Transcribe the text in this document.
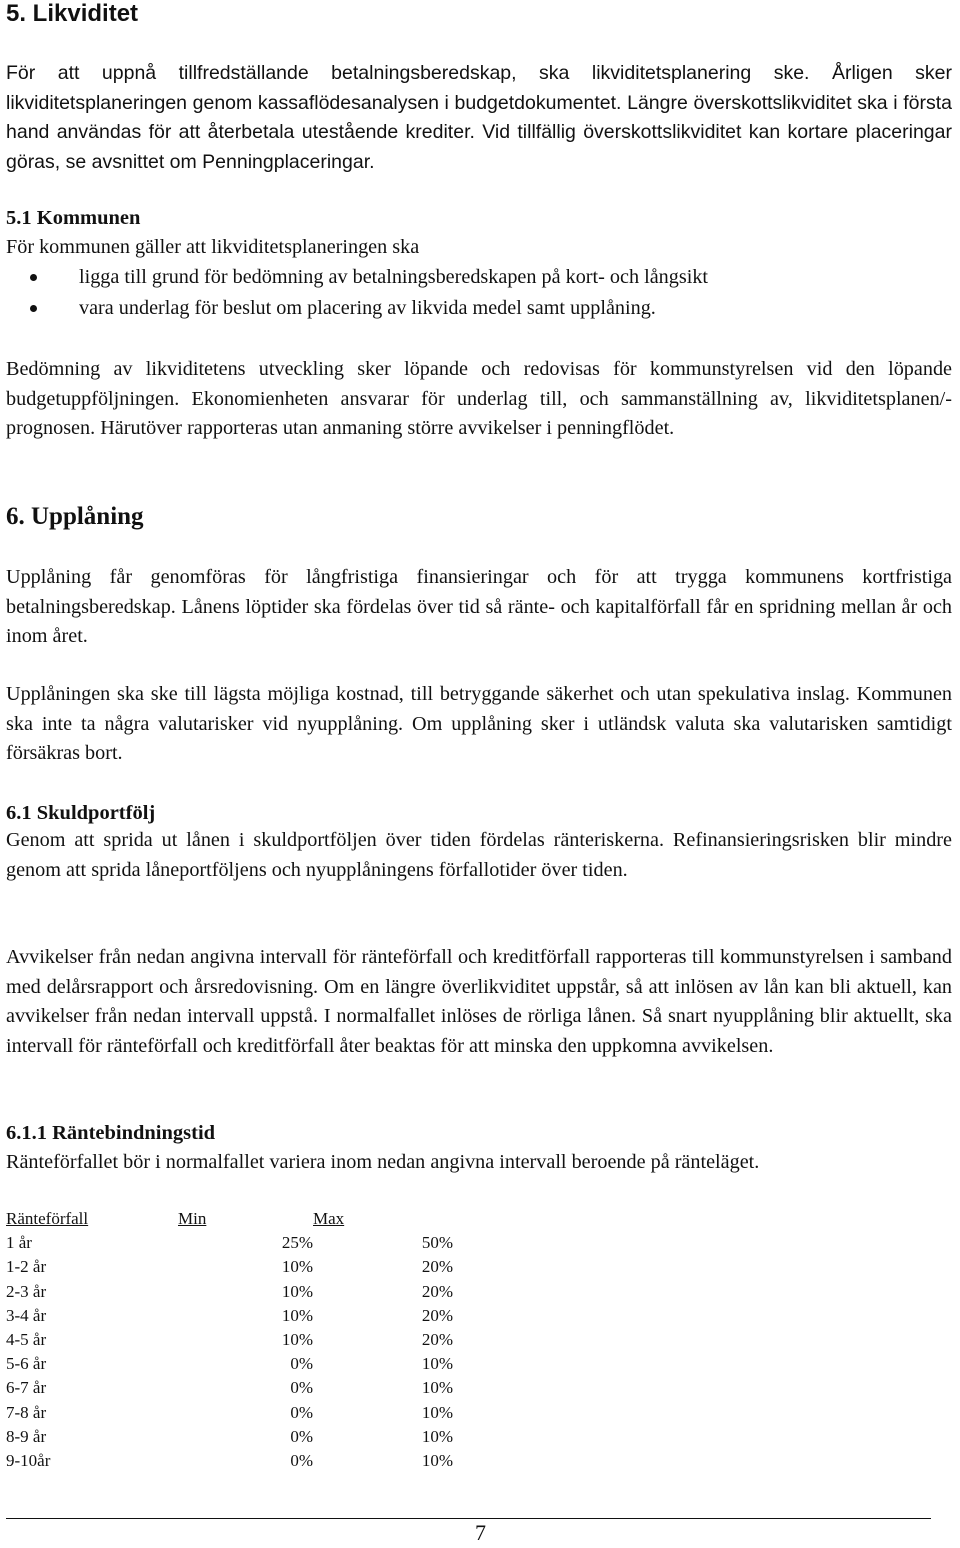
5. Likviditet

För att uppnå tillfredställande betalningsberedskap, ska likviditetsplanering ske. Årligen sker likviditetsplaneringen genom kassaflödesanalysen i budgetdokumentet. Längre överskottslikviditet ska i första hand användas för att återbetala utestående krediter. Vid tillfällig överskottslikviditet kan kortare placeringar göras, se avsnittet om Penningplaceringar.

5.1 Kommunen

För kommunen gäller att likviditetsplaneringen ska

ligga till grund för bedömning av betalningsberedskapen på kort- och långsikt
vara underlag för beslut om placering av likvida medel samt upplåning.

Bedömning av likviditetens utveckling sker löpande och redovisas för kommunstyrelsen vid den löpande budgetuppföljningen. Ekonomienheten ansvarar för underlag till, och sammanställning av, likviditetsplanen/-prognosen. Härutöver rapporteras utan anmaning större avvikelser i penningflödet.

6. Upplåning

Upplåning får genomföras för långfristiga finansieringar och för att trygga kommunens kortfristiga betalningsberedskap. Lånens löptider ska fördelas över tid så ränte- och kapitalförfall får en spridning mellan år och inom året.

Upplåningen ska ske till lägsta möjliga kostnad, till betryggande säkerhet och utan spekulativa inslag. Kommunen ska inte ta några valutarisker vid nyupplåning. Om upplåning sker i utländsk valuta ska valutarisken samtidigt försäkras bort.

6.1 Skuldportfölj

Genom att sprida ut lånen i skuldportföljen över tiden fördelas ränteriskerna. Refinansieringsrisken blir mindre genom att sprida låneportföljens och nyupplåningens förfallotider över tiden.

Avvikelser från nedan angivna intervall för ränteförfall och kreditförfall rapporteras till kommunstyrelsen i samband med delårsrapport och årsredovisning. Om en längre överlikviditet uppstår, så att inlösen av lån kan bli aktuell, kan avvikelser från nedan intervall uppstå. I normalfallet inlöses de rörliga lånen. Så snart nyupplåning blir aktuellt, ska intervall för ränteförfall och kreditförfall åter beaktas för att minska den uppkomna avvikelsen.

6.1.1 Räntebindningstid

Ränteförfallet bör i normalfallet variera inom nedan angivna intervall beroende på ränteläget.

Ränteförfall	Min	Max
1 år	25%	50%
1-2 år	10%	20%
2-3 år	10%	20%
3-4 år	10%	20%
4-5 år	10%	20%
5-6 år	0%	10%
6-7 år	0%	10%
7-8 år	0%	10%
8-9 år	0%	10%
9-10år	0%	10%
7
